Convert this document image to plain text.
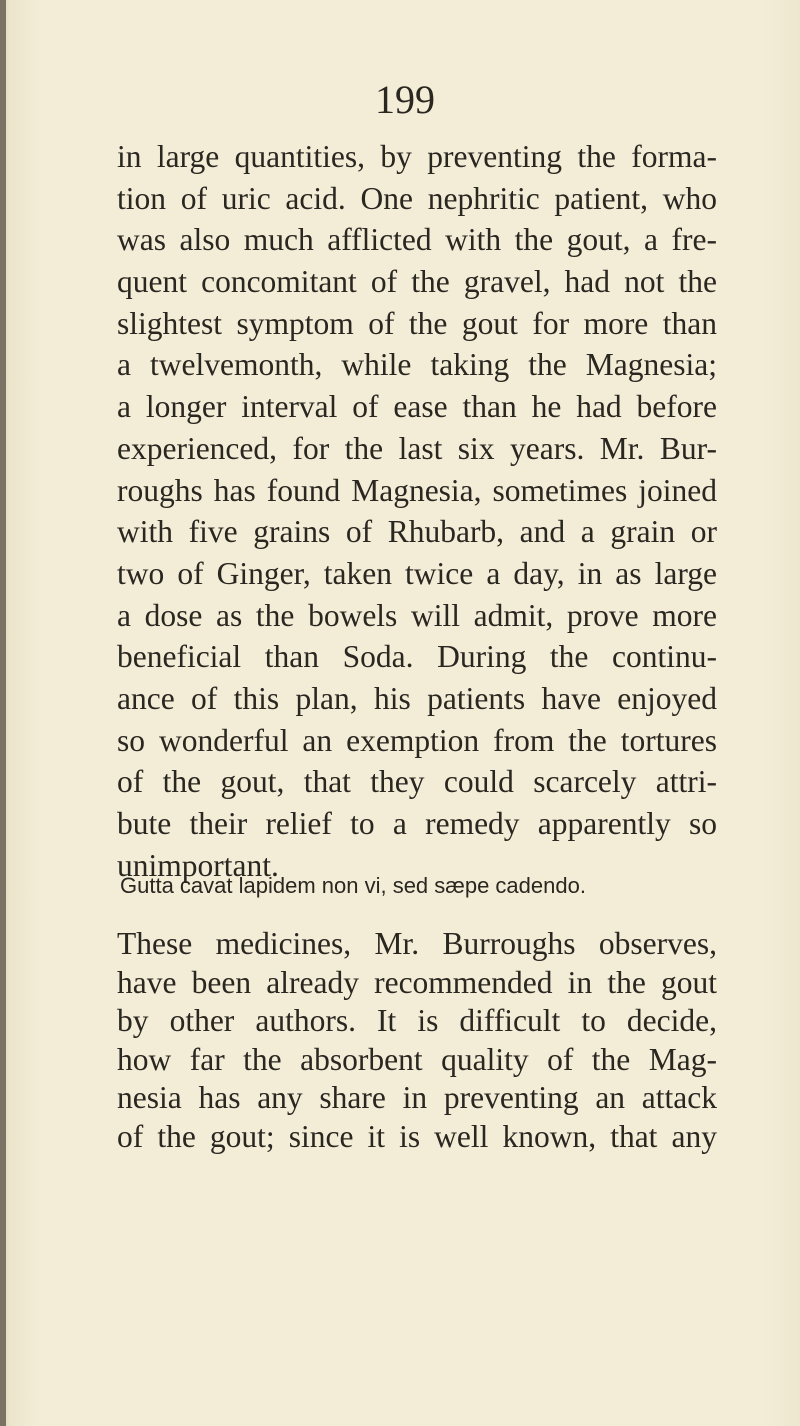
199
in large quantities, by preventing the forma-
tion of uric acid. One nephritic patient, who
was also much afflicted with the gout, a fre-
quent concomitant of the gravel, had not the
slightest symptom of the gout for more than
a twelvemonth, while taking the Magnesia;
a longer interval of ease than he had before
experienced, for the last six years. Mr. Bur-
roughs has found Magnesia, sometimes joined
with five grains of Rhubarb, and a grain or
two of Ginger, taken twice a day, in as large
a dose as the bowels will admit, prove more
beneficial than Soda. During the continu-
ance of this plan, his patients have enjoyed
so wonderful an exemption from the tortures
of the gout, that they could scarcely attri-
bute their relief to a remedy apparently so
unimportant.
Gutta cavat lapidem non vi, sed sæpe cadendo.
These medicines, Mr. Burroughs observes,
have been already recommended in the gout
by other authors. It is difficult to decide,
how far the absorbent quality of the Mag-
nesia has any share in preventing an attack
of the gout; since it is well known, that any
